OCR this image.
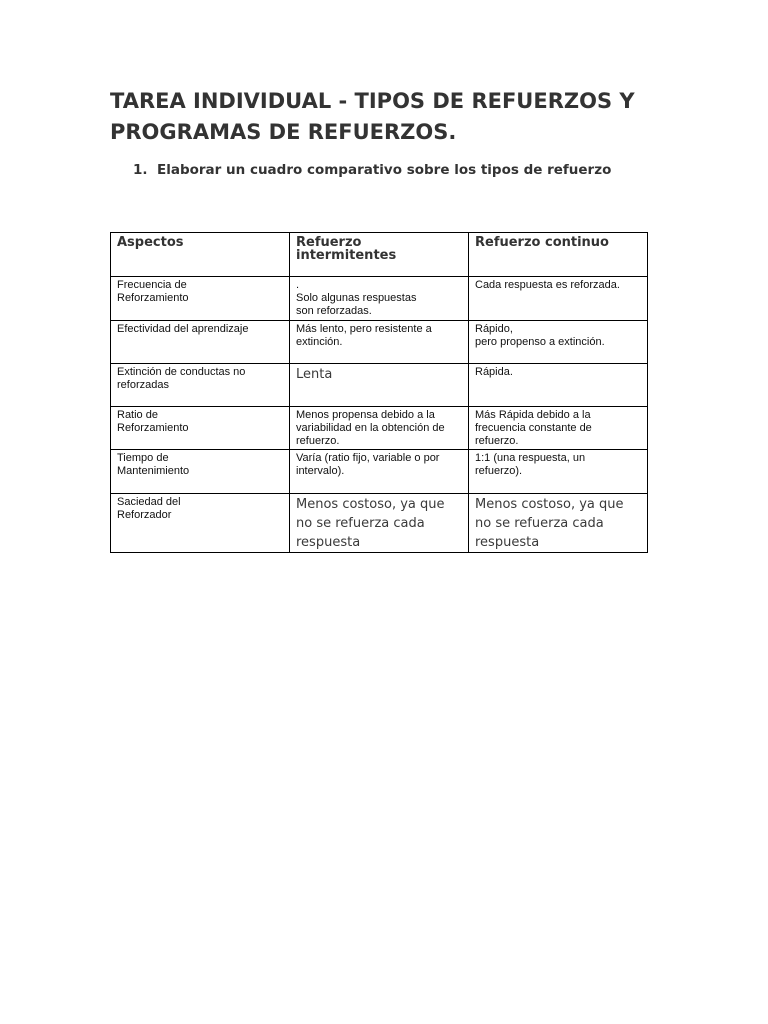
TAREA INDIVIDUAL - TIPOS DE REFUERZOS Y PROGRAMAS DE REFUERZOS.

1. Elaborar un cuadro comparativo sobre los tipos de refuerzo

Aspectos	Refuerzo intermitentes	Refuerzo continuo
Frecuencia de
Reforzamiento	.
Solo algunas respuestas
son reforzadas.	Cada respuesta es reforzada.
Efectividad del aprendizaje	Más lento, pero resistente a
extinción.	Rápido,
pero propenso a extinción.
Extinción de conductas no
reforzadas	Lenta	Rápida.
Ratio de
Reforzamiento	Menos propensa debido a la
variabilidad en la obtención de
refuerzo.	Más Rápida debido a la
frecuencia constante de
refuerzo.
Tiempo de
Mantenimiento	Varía (ratio fijo, variable o por
intervalo).	1:1 (una respuesta, un
refuerzo).
Saciedad del
Reforzador	Menos costoso, ya que
no se refuerza cada
respuesta	Menos costoso, ya que
no se refuerza cada
respuesta
